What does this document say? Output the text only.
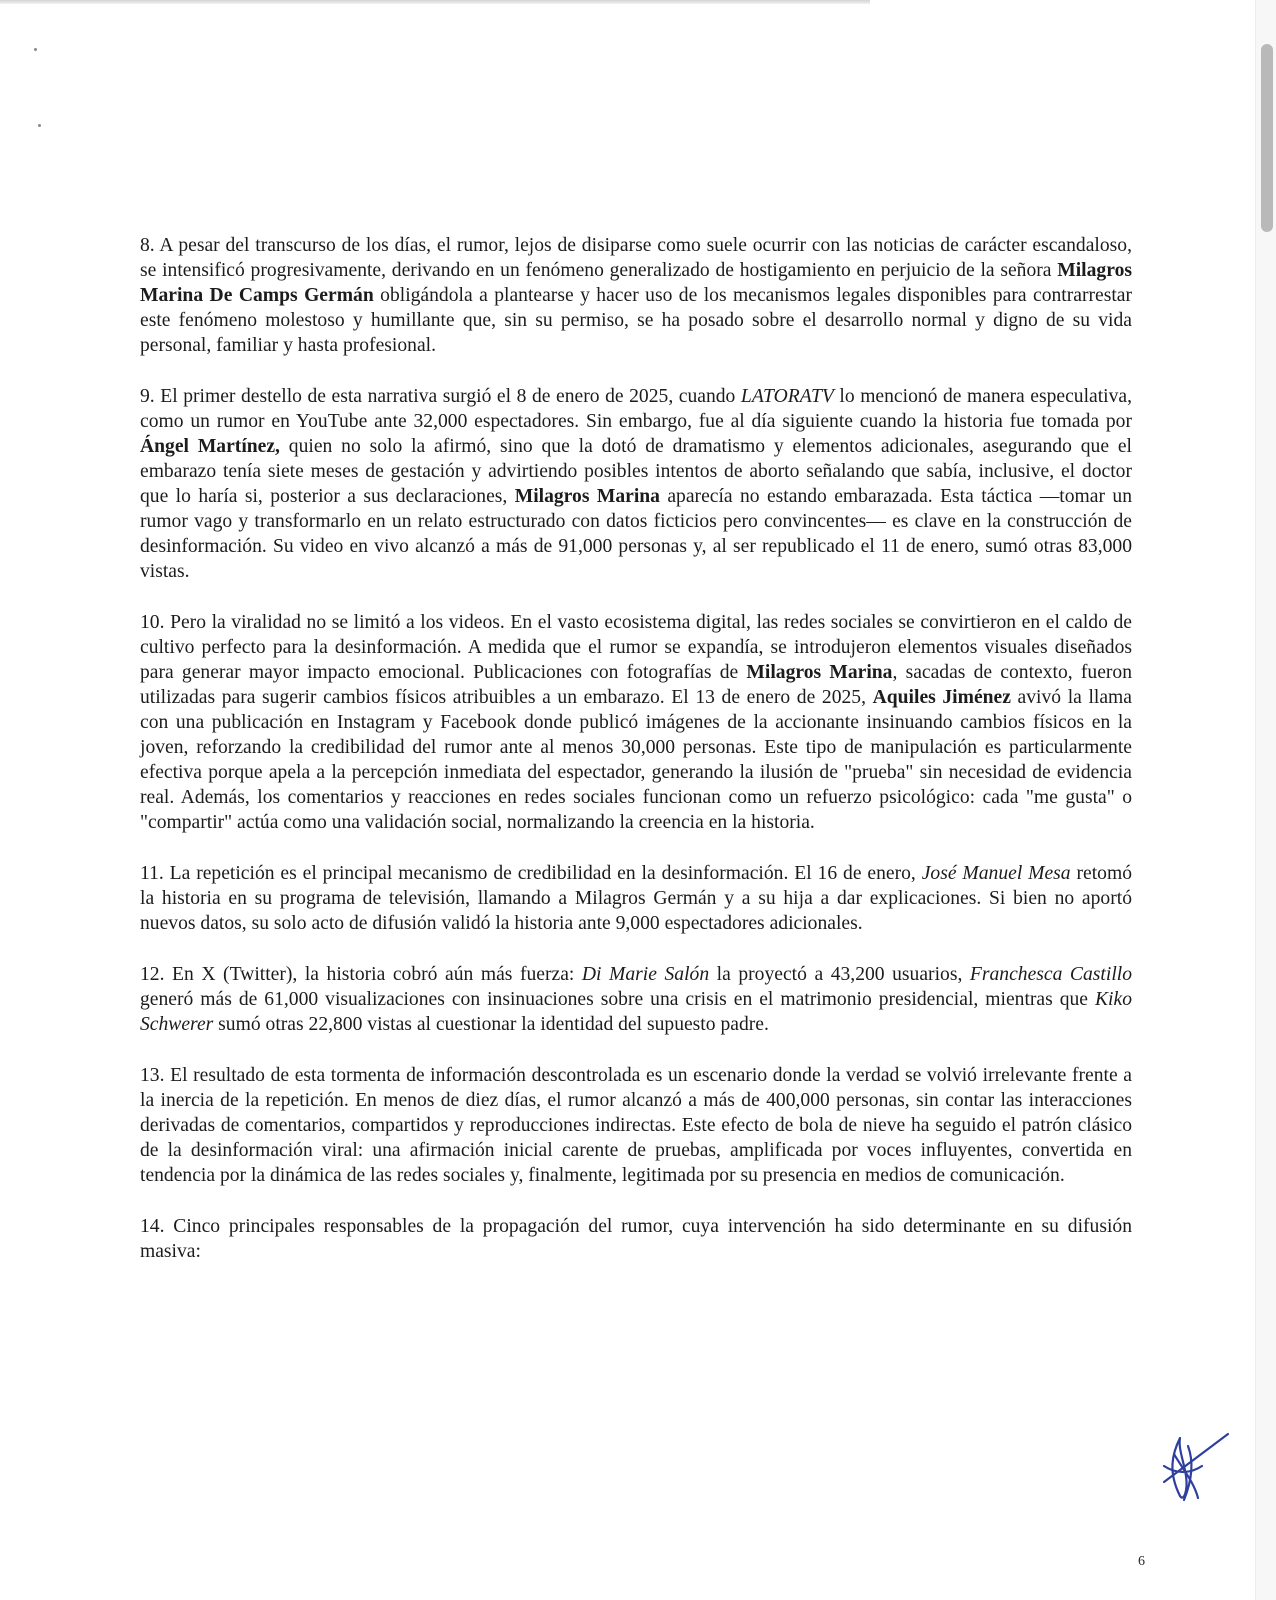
8. A pesar del transcurso de los días, el rumor, lejos de disiparse como suele ocurrir con las noticias de carácter escandaloso, se intensificó progresivamente, derivando en un fenómeno generalizado de hostigamiento en perjuicio de la señora Milagros Marina De Camps Germán obligándola a plantearse y hacer uso de los mecanismos legales disponibles para contrarrestar este fenómeno molestoso y humillante que, sin su permiso, se ha posado sobre el desarrollo normal y digno de su vida personal, familiar y hasta profesional.

9. El primer destello de esta narrativa surgió el 8 de enero de 2025, cuando LATORATV lo mencionó de manera especulativa, como un rumor en YouTube ante 32,000 espectadores. Sin embargo, fue al día siguiente cuando la historia fue tomada por Ángel Martínez, quien no solo la afirmó, sino que la dotó de dramatismo y elementos adicionales, asegurando que el embarazo tenía siete meses de gestación y advirtiendo posibles intentos de aborto señalando que sabía, inclusive, el doctor que lo haría si, posterior a sus declaraciones, Milagros Marina aparecía no estando embarazada. Esta táctica —tomar un rumor vago y transformarlo en un relato estructurado con datos ficticios pero convincentes— es clave en la construcción de desinformación. Su video en vivo alcanzó a más de 91,000 personas y, al ser republicado el 11 de enero, sumó otras 83,000 vistas.

10. Pero la viralidad no se limitó a los videos. En el vasto ecosistema digital, las redes sociales se convirtieron en el caldo de cultivo perfecto para la desinformación. A medida que el rumor se expandía, se introdujeron elementos visuales diseñados para generar mayor impacto emocional. Publicaciones con fotografías de Milagros Marina, sacadas de contexto, fueron utilizadas para sugerir cambios físicos atribuibles a un embarazo. El 13 de enero de 2025, Aquiles Jiménez avivó la llama con una publicación en Instagram y Facebook donde publicó imágenes de la accionante insinuando cambios físicos en la joven, reforzando la credibilidad del rumor ante al menos 30,000 personas. Este tipo de manipulación es particularmente efectiva porque apela a la percepción inmediata del espectador, generando la ilusión de "prueba" sin necesidad de evidencia real. Además, los comentarios y reacciones en redes sociales funcionan como un refuerzo psicológico: cada "me gusta" o "compartir" actúa como una validación social, normalizando la creencia en la historia.

11. La repetición es el principal mecanismo de credibilidad en la desinformación. El 16 de enero, José Manuel Mesa retomó la historia en su programa de televisión, llamando a Milagros Germán y a su hija a dar explicaciones. Si bien no aportó nuevos datos, su solo acto de difusión validó la historia ante 9,000 espectadores adicionales.

12. En X (Twitter), la historia cobró aún más fuerza: Di Marie Salón la proyectó a 43,200 usuarios, Franchesca Castillo generó más de 61,000 visualizaciones con insinuaciones sobre una crisis en el matrimonio presidencial, mientras que Kiko Schwerer sumó otras 22,800 vistas al cuestionar la identidad del supuesto padre.

13. El resultado de esta tormenta de información descontrolada es un escenario donde la verdad se volvió irrelevante frente a la inercia de la repetición. En menos de diez días, el rumor alcanzó a más de 400,000 personas, sin contar las interacciones derivadas de comentarios, compartidos y reproducciones indirectas. Este efecto de bola de nieve ha seguido el patrón clásico de la desinformación viral: una afirmación inicial carente de pruebas, amplificada por voces influyentes, convertida en tendencia por la dinámica de las redes sociales y, finalmente, legitimada por su presencia en medios de comunicación.

14. Cinco principales responsables de la propagación del rumor, cuya intervención ha sido determinante en su difusión masiva:

6
